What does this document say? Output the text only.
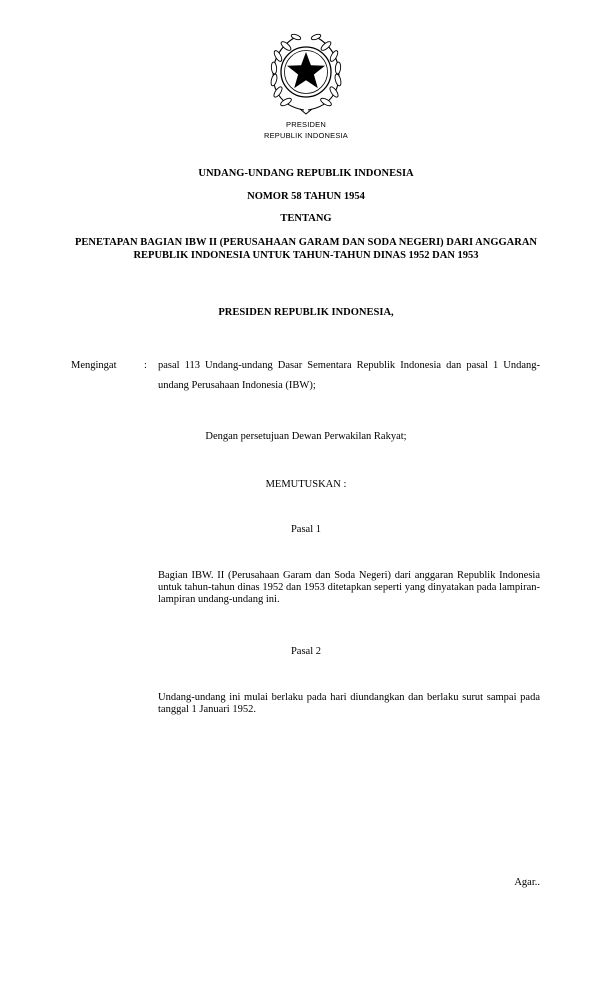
PRESIDEN
REPUBLIK INDONESIA
UNDANG-UNDANG REPUBLIK INDONESIA
NOMOR 58 TAHUN 1954
TENTANG
PENETAPAN BAGIAN IBW II (PERUSAHAAN GARAM DAN SODA NEGERI) DARI ANGGARAN REPUBLIK INDONESIA UNTUK TAHUN-TAHUN DINAS 1952 DAN 1953
PRESIDEN REPUBLIK INDONESIA,
Mengingat	: pasal 113 Undang-undang Dasar Sementara Republik Indonesia dan pasal 1 Undang-undang Perusahaan Indonesia (IBW);
Dengan persetujuan Dewan Perwakilan Rakyat;
MEMUTUSKAN :
Pasal 1
Bagian IBW. II (Perusahaan Garam dan Soda Negeri) dari anggaran Republik Indonesia untuk tahun-tahun dinas 1952 dan 1953 ditetapkan seperti yang dinyatakan pada lampiran-lampiran undang-undang ini.
Pasal 2
Undang-undang ini mulai berlaku pada hari diundangkan dan berlaku surut sampai pada tanggal 1 Januari 1952.
Agar..
